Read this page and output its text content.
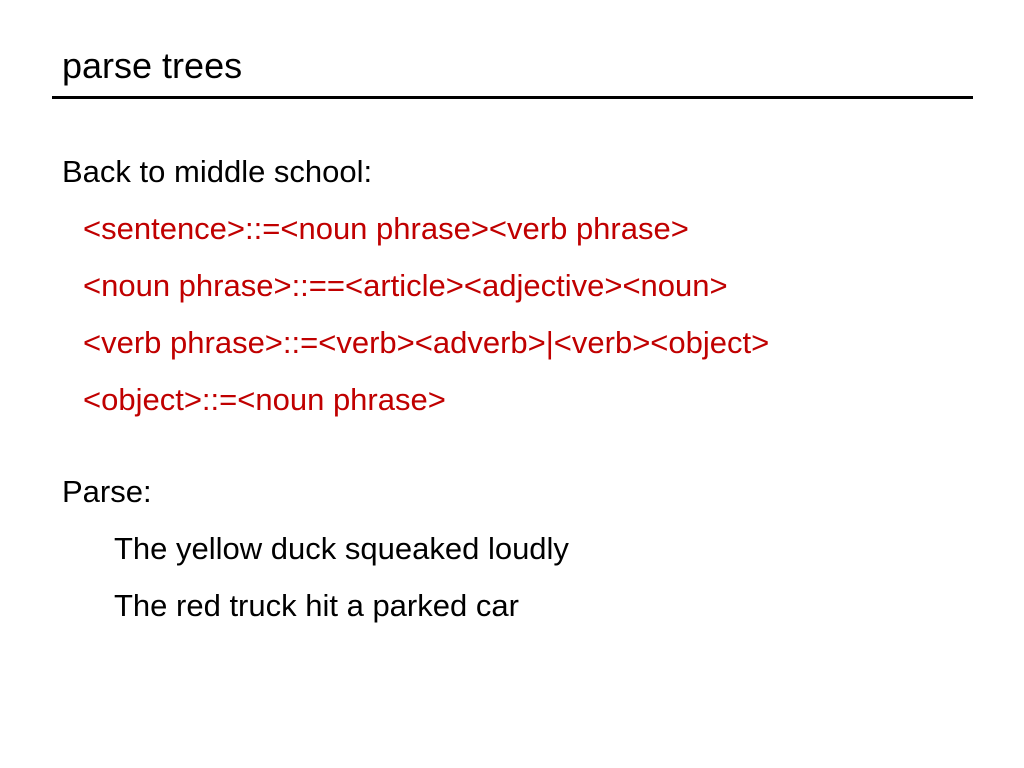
parse trees
Back to middle school:
<sentence>::=<noun phrase><verb phrase>
<noun phrase>::==<article><adjective><noun>
<verb phrase>::=<verb><adverb>|<verb><object>
<object>::=<noun phrase>
Parse:
The yellow duck squeaked loudly
The red truck hit a parked car
